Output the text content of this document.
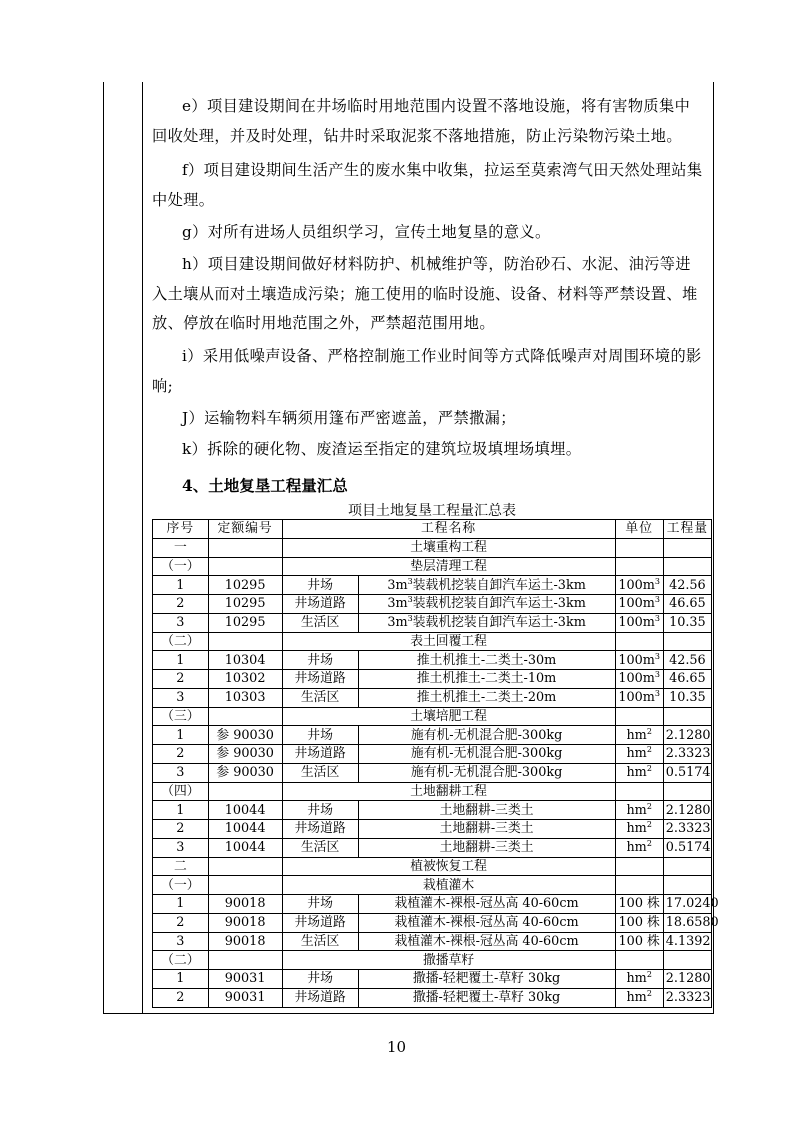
e）项目建设期间在井场临时用地范围内设置不落地设施，将有害物质集中回收处理，并及时处理，钻井时采取泥浆不落地措施，防止污染物污染土地。
f）项目建设期间生活产生的废水集中收集，拉运至莫索湾气田天然处理站集中处理。
g）对所有进场人员组织学习，宣传土地复垦的意义。
h）项目建设期间做好材料防护、机械维护等，防治砂石、水泥、油污等进入土壤从而对土壤造成污染；施工使用的临时设施、设备、材料等严禁设置、堆放、停放在临时用地范围之外，严禁超范围用地。
i）采用低噪声设备、严格控制施工作业时间等方式降低噪声对周围环境的影响;
J）运输物料车辆须用篷布严密遮盖，严禁撒漏；
k）拆除的硬化物、废渣运至指定的建筑垃圾填埋场填埋。
4、土地复垦工程量汇总
项目土地复垦工程量汇总表
序号	定额编号	工程名称		单位	工程量
一		土壤重构工程			
（一）		垫层清理工程			
1	10295	井场	$3m^3$装载机挖装自卸汽车运土-3km	$100m^3$	42.56
2	10295	井场道路	$3m^3$装载机挖装自卸汽车运土-3km	$100m^3$	46.65
3	10295	生活区	$3m^3$装载机挖装自卸汽车运土-3km	$100m^3$	10.35
（二）		表土回覆工程			
1	10304	井场	推土机推土-二类土-30m	$100m^3$	42.56
2	10302	井场道路	推土机推土-二类土-10m	$100m^3$	46.65
3	10303	生活区	推土机推土-二类土-20m	$100m^3$	10.35
（三）		土壤培肥工程			
1	参 90030	井场	施有机-无机混合肥-300kg	$hm^2$	2.1280
2	参 90030	井场道路	施有机-无机混合肥-300kg	$hm^2$	2.3323
3	参 90030	生活区	施有机-无机混合肥-300kg	$hm^2$	0.5174
（四）		土地翻耕工程			
1	10044	井场	土地翻耕-三类土	$hm^2$	2.1280
2	10044	井场道路	土地翻耕-三类土	$hm^2$	2.3323
3	10044	生活区	土地翻耕-三类土	$hm^2$	0.5174
二		植被恢复工程			
（一）		栽植灌木			
1	90018	井场	栽植灌木-裸根-冠丛高 40-60cm	100 株	17.0240
2	90018	井场道路	栽植灌木-裸根-冠丛高 40-60cm	100 株	18.6580
3	90018	生活区	栽植灌木-裸根-冠丛高 40-60cm	100 株	4.1392
（二）		撒播草籽			
1	90031	井场	撒播-轻耙覆土-草籽 30kg	$hm^2$	2.1280
2	90031	井场道路	撒播-轻耙覆土-草籽 30kg	$hm^2$	2.3323
10
